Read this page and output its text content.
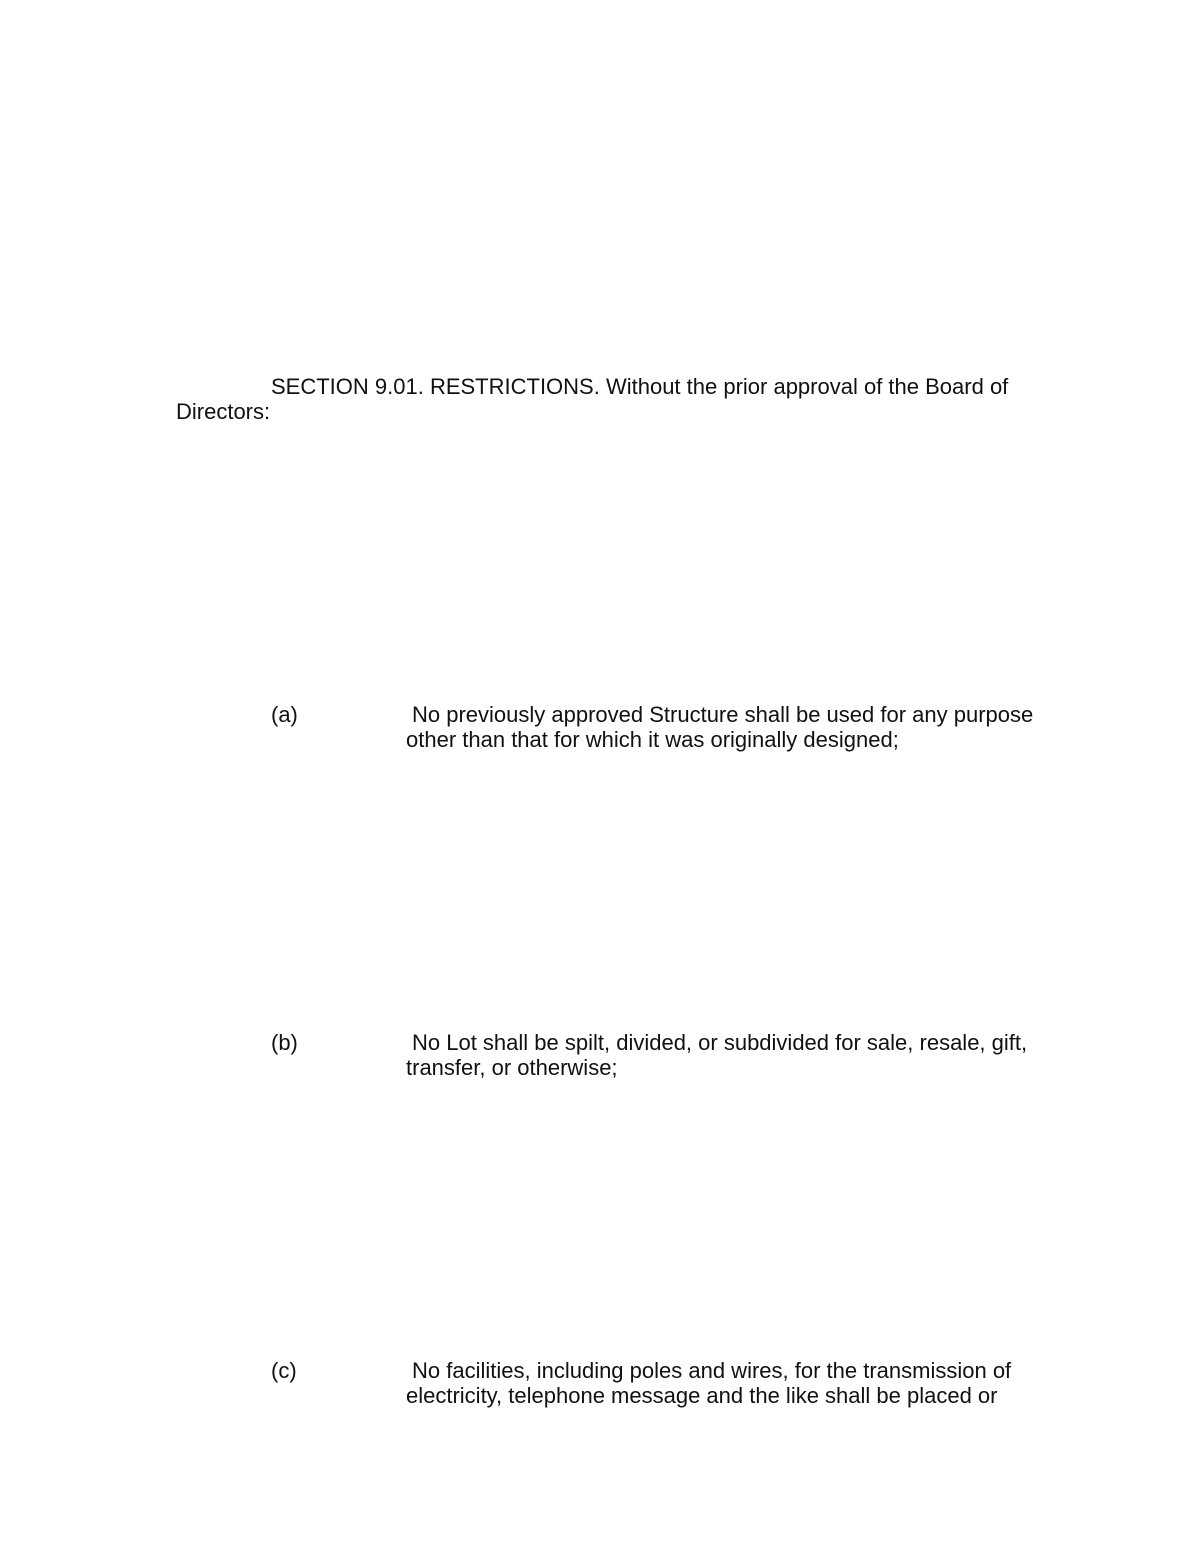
SECTION 9.01. RESTRICTIONS. Without the prior approval of the Board of Directors:

(a)	No previously approved Structure shall be used for any purpose other than that for which it was originally designed;

(b)	No Lot shall be spilt, divided, or subdivided for sale, resale, gift, transfer, or otherwise;

(c)	No facilities, including poles and wires, for the transmission of electricity, telephone message and the like shall be placed or
